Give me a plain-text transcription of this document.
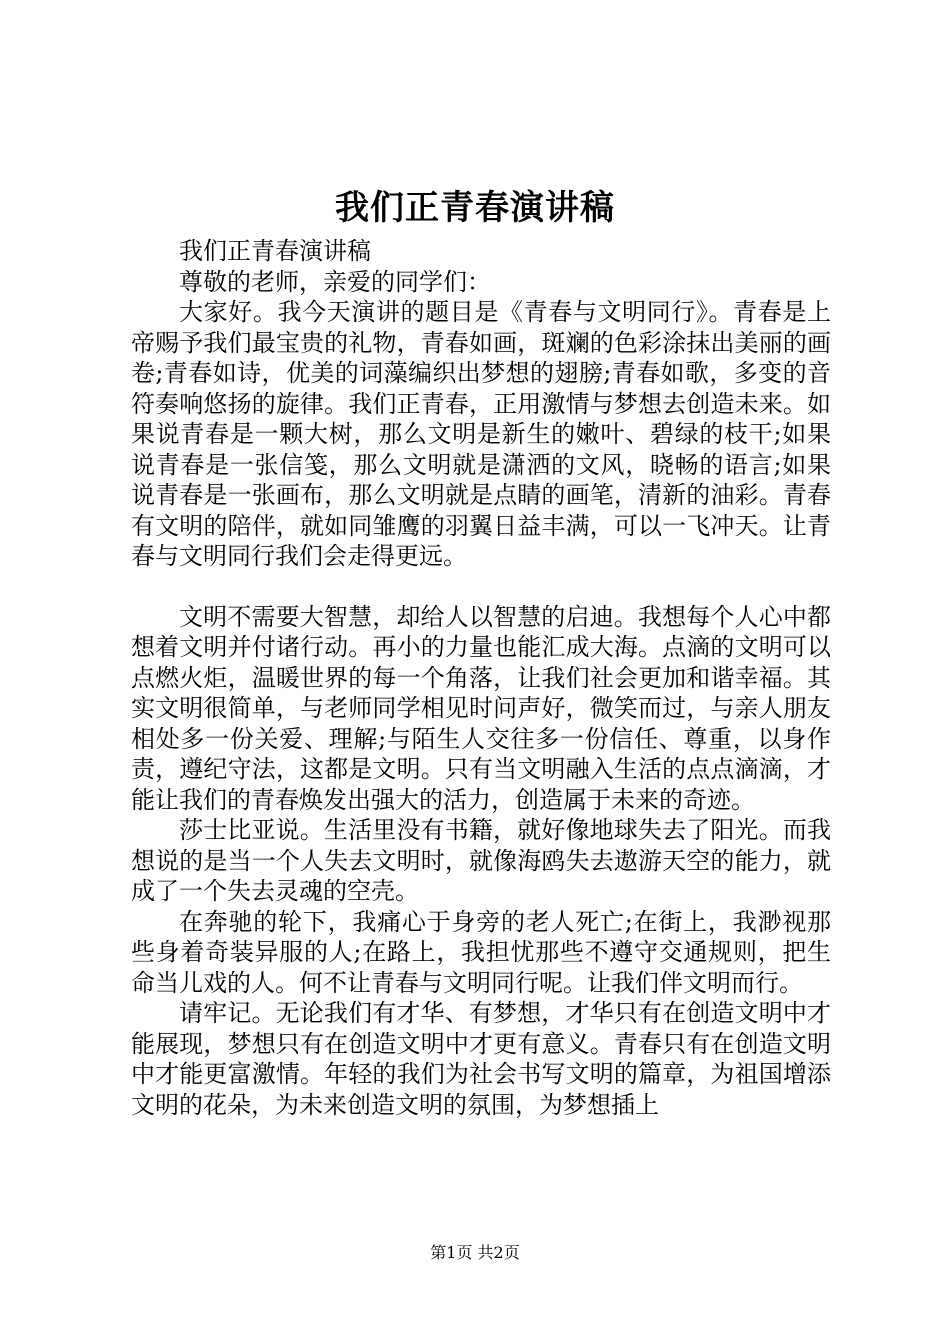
我们正青春演讲稿

我们正青春演讲稿

尊敬的老师，亲爱的同学们：

大家好。我今天演讲的题目是《青春与文明同行》。青春是上帝赐予我们最宝贵的礼物，青春如画，斑斓的色彩涂抹出美丽的画卷;青春如诗，优美的词藻编织出梦想的翅膀;青春如歌，多变的音符奏响悠扬的旋律。我们正青春，正用激情与梦想去创造未来。如果说青春是一颗大树，那么文明是新生的嫩叶、碧绿的枝干;如果说青春是一张信笺，那么文明就是潇洒的文风，晓畅的语言;如果说青春是一张画布，那么文明就是点睛的画笔，清新的油彩。青春有文明的陪伴，就如同雏鹰的羽翼日益丰满，可以一飞冲天。让青春与文明同行我们会走得更远。

文明不需要大智慧，却给人以智慧的启迪。我想每个人心中都想着文明并付诸行动。再小的力量也能汇成大海。点滴的文明可以点燃火炬，温暖世界的每一个角落，让我们社会更加和谐幸福。其实文明很简单，与老师同学相见时问声好，微笑而过，与亲人朋友相处多一份关爱、理解;与陌生人交往多一份信任、尊重，以身作责，遵纪守法，这都是文明。只有当文明融入生活的点点滴滴，才能让我们的青春焕发出强大的活力，创造属于未来的奇迹。

莎士比亚说。生活里没有书籍，就好像地球失去了阳光。而我想说的是当一个人失去文明时，就像海鸥失去遨游天空的能力，就成了一个失去灵魂的空壳。

在奔驰的轮下，我痛心于身旁的老人死亡;在街上，我渺视那些身着奇装异服的人;在路上，我担忧那些不遵守交通规则，把生命当儿戏的人。何不让青春与文明同行呢。让我们伴文明而行。

请牢记。无论我们有才华、有梦想，才华只有在创造文明中才能展现，梦想只有在创造文明中才更有意义。青春只有在创造文明中才能更富激情。年轻的我们为社会书写文明的篇章，为祖国增添文明的花朵，为未来创造文明的氛围，为梦想插上

第1页 共2页
